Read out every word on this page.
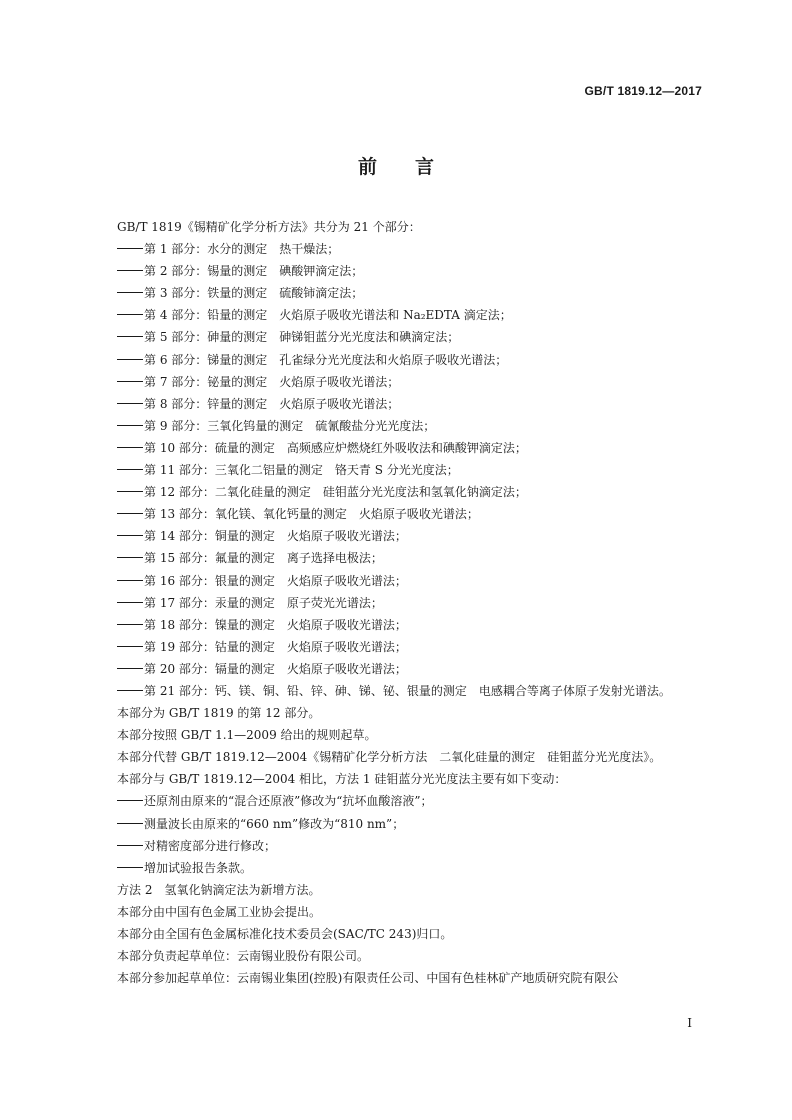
GB/T 1819.12—2017
前言

GB/T 1819《锡精矿化学分析方法》共分为 21 个部分：

第 1 部分：水分的测定　热干燥法；

第 2 部分：锡量的测定　碘酸钾滴定法；

第 3 部分：铁量的测定　硫酸铈滴定法；

第 4 部分：铅量的测定　火焰原子吸收光谱法和 Na₂EDTA 滴定法；

第 5 部分：砷量的测定　砷锑钼蓝分光光度法和碘滴定法；

第 6 部分：锑量的测定　孔雀绿分光光度法和火焰原子吸收光谱法；

第 7 部分：铋量的测定　火焰原子吸收光谱法；

第 8 部分：锌量的测定　火焰原子吸收光谱法；

第 9 部分：三氧化钨量的测定　硫氰酸盐分光光度法；

第 10 部分：硫量的测定　高频感应炉燃烧红外吸收法和碘酸钾滴定法；

第 11 部分：三氧化二铝量的测定　铬天青 S 分光光度法；

第 12 部分：二氧化硅量的测定　硅钼蓝分光光度法和氢氧化钠滴定法；

第 13 部分：氧化镁、氧化钙量的测定　火焰原子吸收光谱法；

第 14 部分：铜量的测定　火焰原子吸收光谱法；

第 15 部分：氟量的测定　离子选择电极法；

第 16 部分：银量的测定　火焰原子吸收光谱法；

第 17 部分：汞量的测定　原子荧光光谱法；

第 18 部分：镍量的测定　火焰原子吸收光谱法；

第 19 部分：钴量的测定　火焰原子吸收光谱法；

第 20 部分：镉量的测定　火焰原子吸收光谱法；

第 21 部分：钙、镁、铜、铅、锌、砷、锑、铋、银量的测定　电感耦合等离子体原子发射光谱法。

本部分为 GB/T 1819 的第 12 部分。

本部分按照 GB/T 1.1—2009 给出的规则起草。

本部分代替 GB/T 1819.12—2004《锡精矿化学分析方法　二氧化硅量的测定　硅钼蓝分光光度法》。

本部分与 GB/T 1819.12—2004 相比，方法 1 硅钼蓝分光光度法主要有如下变动：

还原剂由原来的“混合还原液”修改为“抗坏血酸溶液”；

测量波长由原来的“660 nm”修改为“810 nm”；

对精密度部分进行修改；

增加试验报告条款。

方法 2　氢氧化钠滴定法为新增方法。

本部分由中国有色金属工业协会提出。

本部分由全国有色金属标准化技术委员会(SAC/TC 243)归口。

本部分负责起草单位：云南锡业股份有限公司。

本部分参加起草单位：云南锡业集团(控股)有限责任公司、中国有色桂林矿产地质研究院有限公

I
